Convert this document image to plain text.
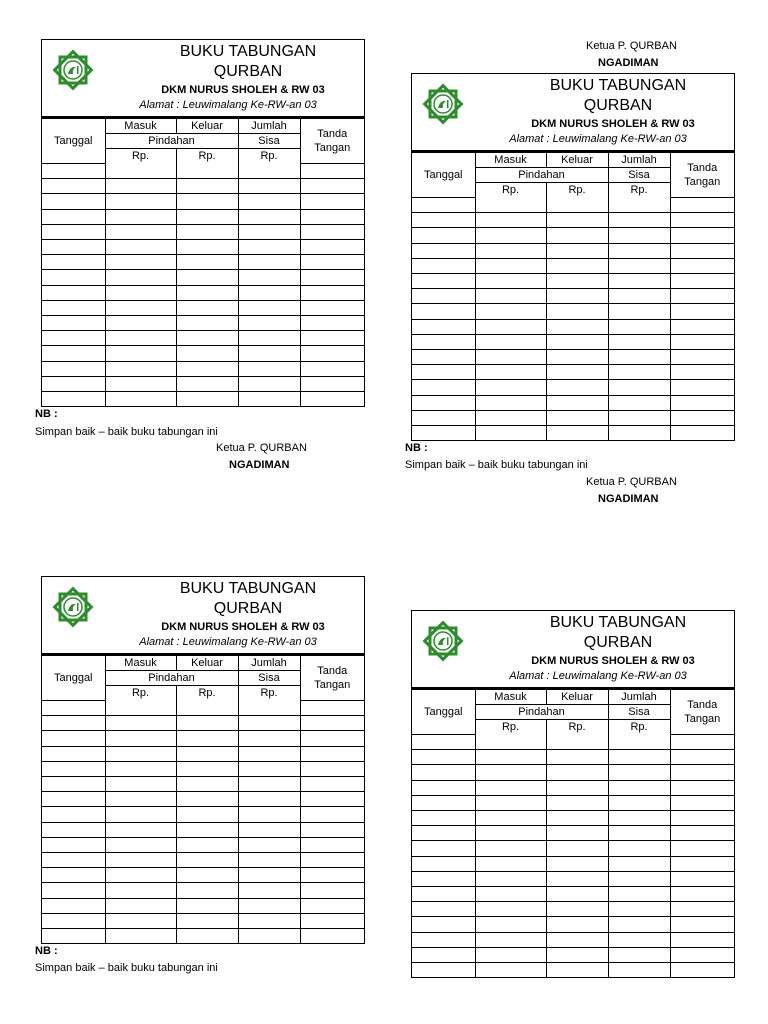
BUKU TABUNGAN
QURBAN
DKM NURUS SHOLEH & RW 03
Alamat : Leuwimalang Ke-RW-an 03
Tanggal	Masuk	Keluar	Jumlah	Tanda
Tangan
	Pindahan		Sisa	
	Rp.	Rp.	Rp.	

BUKU TABUNGAN
QURBAN
DKM NURUS SHOLEH & RW 03
Alamat : Leuwimalang Ke-RW-an 03
Tanggal	Masuk	Keluar	Jumlah	Tanda
Tangan
	Pindahan		Sisa	
	Rp.	Rp.	Rp.	

BUKU TABUNGAN
QURBAN
DKM NURUS SHOLEH & RW 03
Alamat : Leuwimalang Ke-RW-an 03
Tanggal	Masuk	Keluar	Jumlah	Tanda
Tangan
	Pindahan		Sisa	
	Rp.	Rp.	Rp.	

BUKU TABUNGAN
QURBAN
DKM NURUS SHOLEH & RW 03
Alamat : Leuwimalang Ke-RW-an 03
Tanggal	Masuk	Keluar	Jumlah	Tanda
Tangan
	Pindahan		Sisa	
	Rp.	Rp.	Rp.	

Ketua P. QURBAN
NGADIMAN
NB :
Simpan baik – baik buku tabungan ini
Ketua P. QURBAN
NGADIMAN
NB :
Simpan baik – baik buku tabungan ini
Ketua P. QURBAN
NGADIMAN
NB :
Simpan baik – baik buku tabungan ini
